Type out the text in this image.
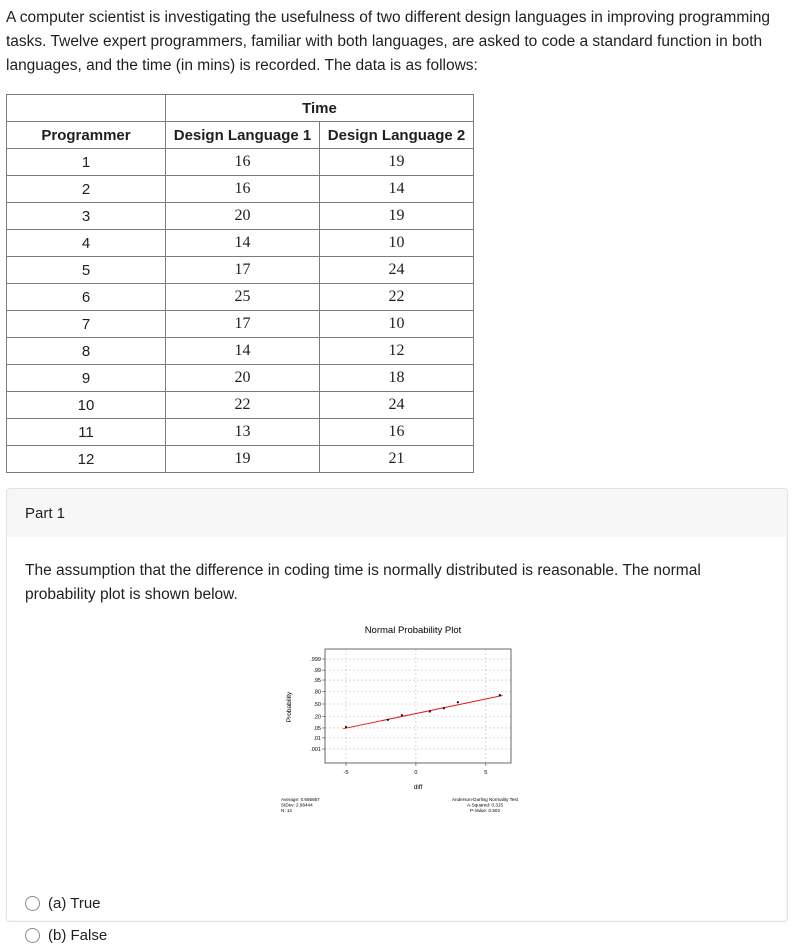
A computer scientist is investigating the usefulness of two different design languages in improving programming tasks. Twelve expert programmers, familiar with both languages, are asked to code a standard function in both languages, and the time (in mins) is recorded. The data is as follows:
	Time	
Programmer	Design Language 1	Design Language 2
1	16	19
2	16	14
3	20	19
4	14	10
5	17	24
6	25	22
7	17	10
8	14	12
9	20	18
10	22	24
11	13	16
12	19	21
Part 1
The assumption that the difference in coding time is normally distributed is reasonable. The normal probability plot is shown below.
Normal Probability Plot
.999
.99
.95
.80
.50
.20
.05
.01
.001
-5	0	5
Probability
diff
Average: 0.666667
StDev: 2.96444
N: 12
Anderson-Darling Normality Test
A-Squared: 0.315
P-Value: 0.502
(a) True
(b) False
